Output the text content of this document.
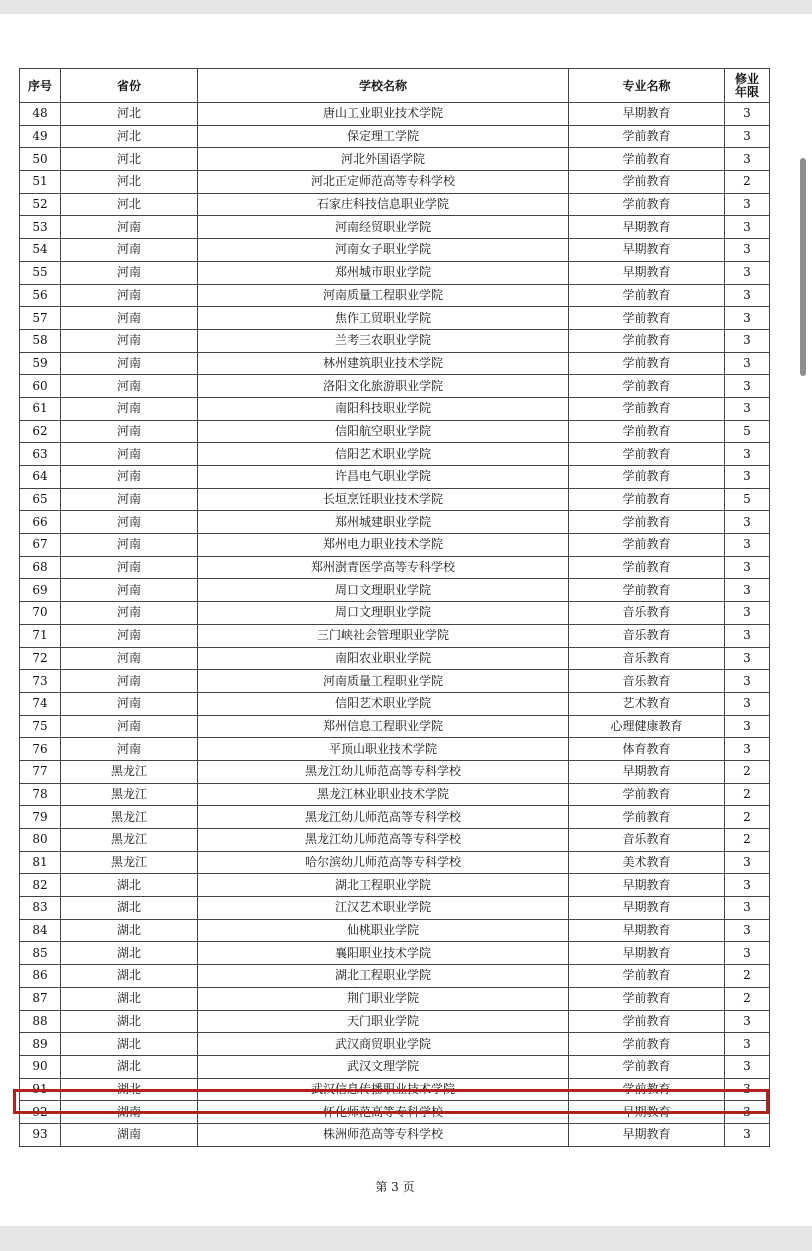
序号	省份	学校名称	专业名称	修业
年限
48	河北	唐山工业职业技术学院	早期教育	3
49	河北	保定理工学院	学前教育	3
50	河北	河北外国语学院	学前教育	3
51	河北	河北正定师范高等专科学校	学前教育	2
52	河北	石家庄科技信息职业学院	学前教育	3
53	河南	河南经贸职业学院	早期教育	3
54	河南	河南女子职业学院	早期教育	3
55	河南	郑州城市职业学院	早期教育	3
56	河南	河南质量工程职业学院	学前教育	3
57	河南	焦作工贸职业学院	学前教育	3
58	河南	兰考三农职业学院	学前教育	3
59	河南	林州建筑职业技术学院	学前教育	3
60	河南	洛阳文化旅游职业学院	学前教育	3
61	河南	南阳科技职业学院	学前教育	3
62	河南	信阳航空职业学院	学前教育	5
63	河南	信阳艺术职业学院	学前教育	3
64	河南	许昌电气职业学院	学前教育	3
65	河南	长垣烹饪职业技术学院	学前教育	5
66	河南	郑州城建职业学院	学前教育	3
67	河南	郑州电力职业技术学院	学前教育	3
68	河南	郑州澍青医学高等专科学校	学前教育	3
69	河南	周口文理职业学院	学前教育	3
70	河南	周口文理职业学院	音乐教育	3
71	河南	三门峡社会管理职业学院	音乐教育	3
72	河南	南阳农业职业学院	音乐教育	3
73	河南	河南质量工程职业学院	音乐教育	3
74	河南	信阳艺术职业学院	艺术教育	3
75	河南	郑州信息工程职业学院	心理健康教育	3
76	河南	平顶山职业技术学院	体育教育	3
77	黑龙江	黑龙江幼儿师范高等专科学校	早期教育	2
78	黑龙江	黑龙江林业职业技术学院	学前教育	2
79	黑龙江	黑龙江幼儿师范高等专科学校	学前教育	2
80	黑龙江	黑龙江幼儿师范高等专科学校	音乐教育	2
81	黑龙江	哈尔滨幼儿师范高等专科学校	美术教育	3
82	湖北	湖北工程职业学院	早期教育	3
83	湖北	江汉艺术职业学院	早期教育	3
84	湖北	仙桃职业学院	早期教育	3
85	湖北	襄阳职业技术学院	早期教育	3
86	湖北	湖北工程职业学院	学前教育	2
87	湖北	荆门职业学院	学前教育	2
88	湖北	天门职业学院	学前教育	3
89	湖北	武汉商贸职业学院	学前教育	3
90	湖北	武汉文理学院	学前教育	3
91	湖北	武汉信息传播职业技术学院	学前教育	3
92	湖南	怀化师范高等专科学校	早期教育	3
93	湖南	株洲师范高等专科学校	早期教育	3
第 3 页
